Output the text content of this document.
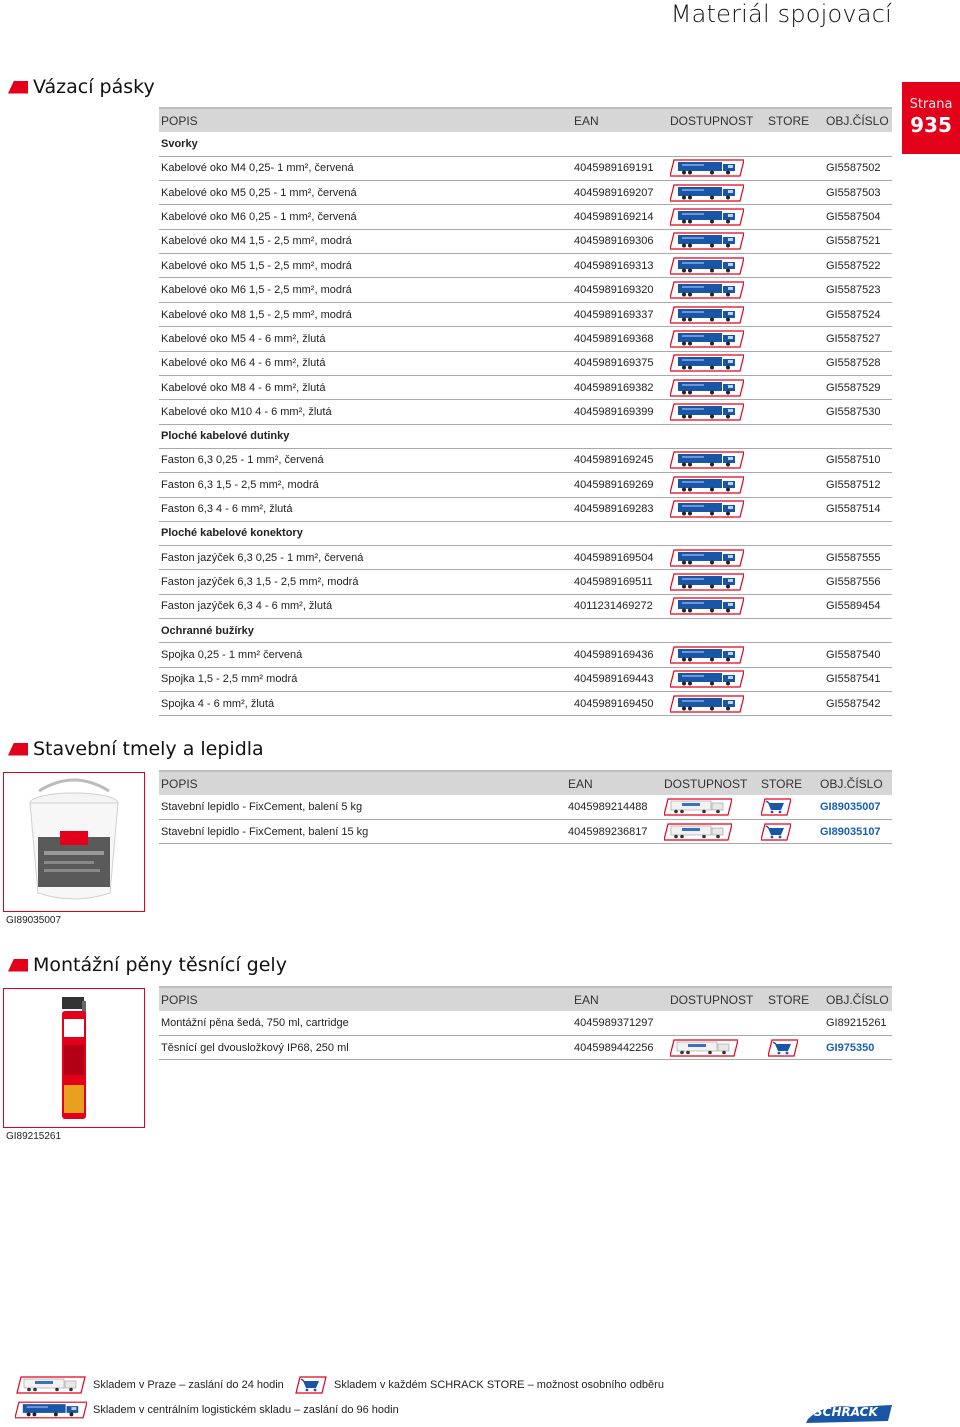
Materiál spojovací
Strana
935
Vázací pásky
POPIS	EAN	DOSTUPNOST	STORE	OBJ.ČÍSLO
Svorky				
Kabelové oko M4 0,25- 1 mm², červená	4045989169191			GI5587502
Kabelové oko M5 0,25 - 1 mm², červená	4045989169207			GI5587503
Kabelové oko M6 0,25 - 1 mm², červená	4045989169214			GI5587504
Kabelové oko M4 1,5 - 2,5 mm², modrá	4045989169306			GI5587521
Kabelové oko M5 1,5 - 2,5 mm², modrá	4045989169313			GI5587522
Kabelové oko M6 1,5 - 2,5 mm², modrá	4045989169320			GI5587523
Kabelové oko M8 1,5 - 2,5 mm², modrá	4045989169337			GI5587524
Kabelové oko M5 4 - 6 mm², žlutá	4045989169368			GI5587527
Kabelové oko M6 4 - 6 mm², žlutá	4045989169375			GI5587528
Kabelové oko M8 4 - 6 mm², žlutá	4045989169382			GI5587529
Kabelové oko M10 4 - 6 mm², žlutá	4045989169399			GI5587530
Ploché kabelové dutinky				
Faston 6,3 0,25 - 1 mm², červená	4045989169245			GI5587510
Faston 6,3 1,5 - 2,5 mm², modrá	4045989169269			GI5587512
Faston 6,3 4 - 6 mm², žlutá	4045989169283			GI5587514
Ploché kabelové konektory				
Faston jazýček 6,3 0,25 - 1 mm², červená	4045989169504			GI5587555
Faston jazýček 6,3 1,5 - 2,5 mm², modrá	4045989169511			GI5587556
Faston jazýček 6,3 4 - 6 mm², žlutá	4011231469272			GI5589454
Ochranné bužírky				
Spojka 0,25 - 1 mm² červená	4045989169436			GI5587540
Spojka 1,5 - 2,5 mm² modrá	4045989169443			GI5587541
Spojka 4 - 6 mm², žlutá	4045989169450			GI5587542
Stavební tmely a lepidla
GI89035007
POPIS	EAN	DOSTUPNOST	STORE	OBJ.ČÍSLO
Stavební lepidlo - FixCement, balení 5 kg	4045989214488			GI89035007
Stavební lepidlo - FixCement, balení 15 kg	4045989236817			GI89035107
Montážní pěny těsnící gely
GI89215261
POPIS	EAN	DOSTUPNOST	STORE	OBJ.ČÍSLO
Montážní pěna šedá, 750 ml, cartridge	4045989371297			GI89215261
Těsnící gel dvousložkový IP68, 250 ml	4045989442256			GI975350
Skladem v Praze – zaslání do 24 hodin	Skladem v každém SCHRACK STORE – možnost osobního odběru
Skladem v centrálním logistickém skladu – zaslání do 96 hodin	SCHRACK
